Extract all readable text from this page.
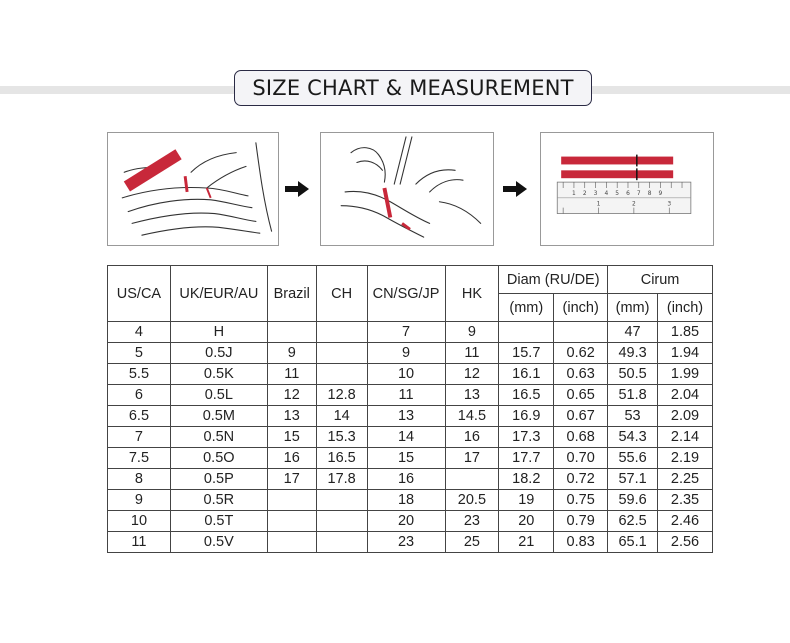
SIZE CHART & MEASUREMENT
1 2 3 4 5 6 7 8 9
1	2	3
US/CA	UK/EUR/AU	Brazil	CH	CN/SG/JP	HK	Diam (RU/DE)		Cirum	
						(mm)	(inch)	(mm)	(inch)
4	H			7	9			47	1.85
5	0.5J	9		9	11	15.7	0.62	49.3	1.94
5.5	0.5K	11		10	12	16.1	0.63	50.5	1.99
6	0.5L	12	12.8	11	13	16.5	0.65	51.8	2.04
6.5	0.5M	13	14	13	14.5	16.9	0.67	53	2.09
7	0.5N	15	15.3	14	16	17.3	0.68	54.3	2.14
7.5	0.5O	16	16.5	15	17	17.7	0.70	55.6	2.19
8	0.5P	17	17.8	16		18.2	0.72	57.1	2.25
9	0.5R			18	20.5	19	0.75	59.6	2.35
10	0.5T			20	23	20	0.79	62.5	2.46
11	0.5V			23	25	21	0.83	65.1	2.56
